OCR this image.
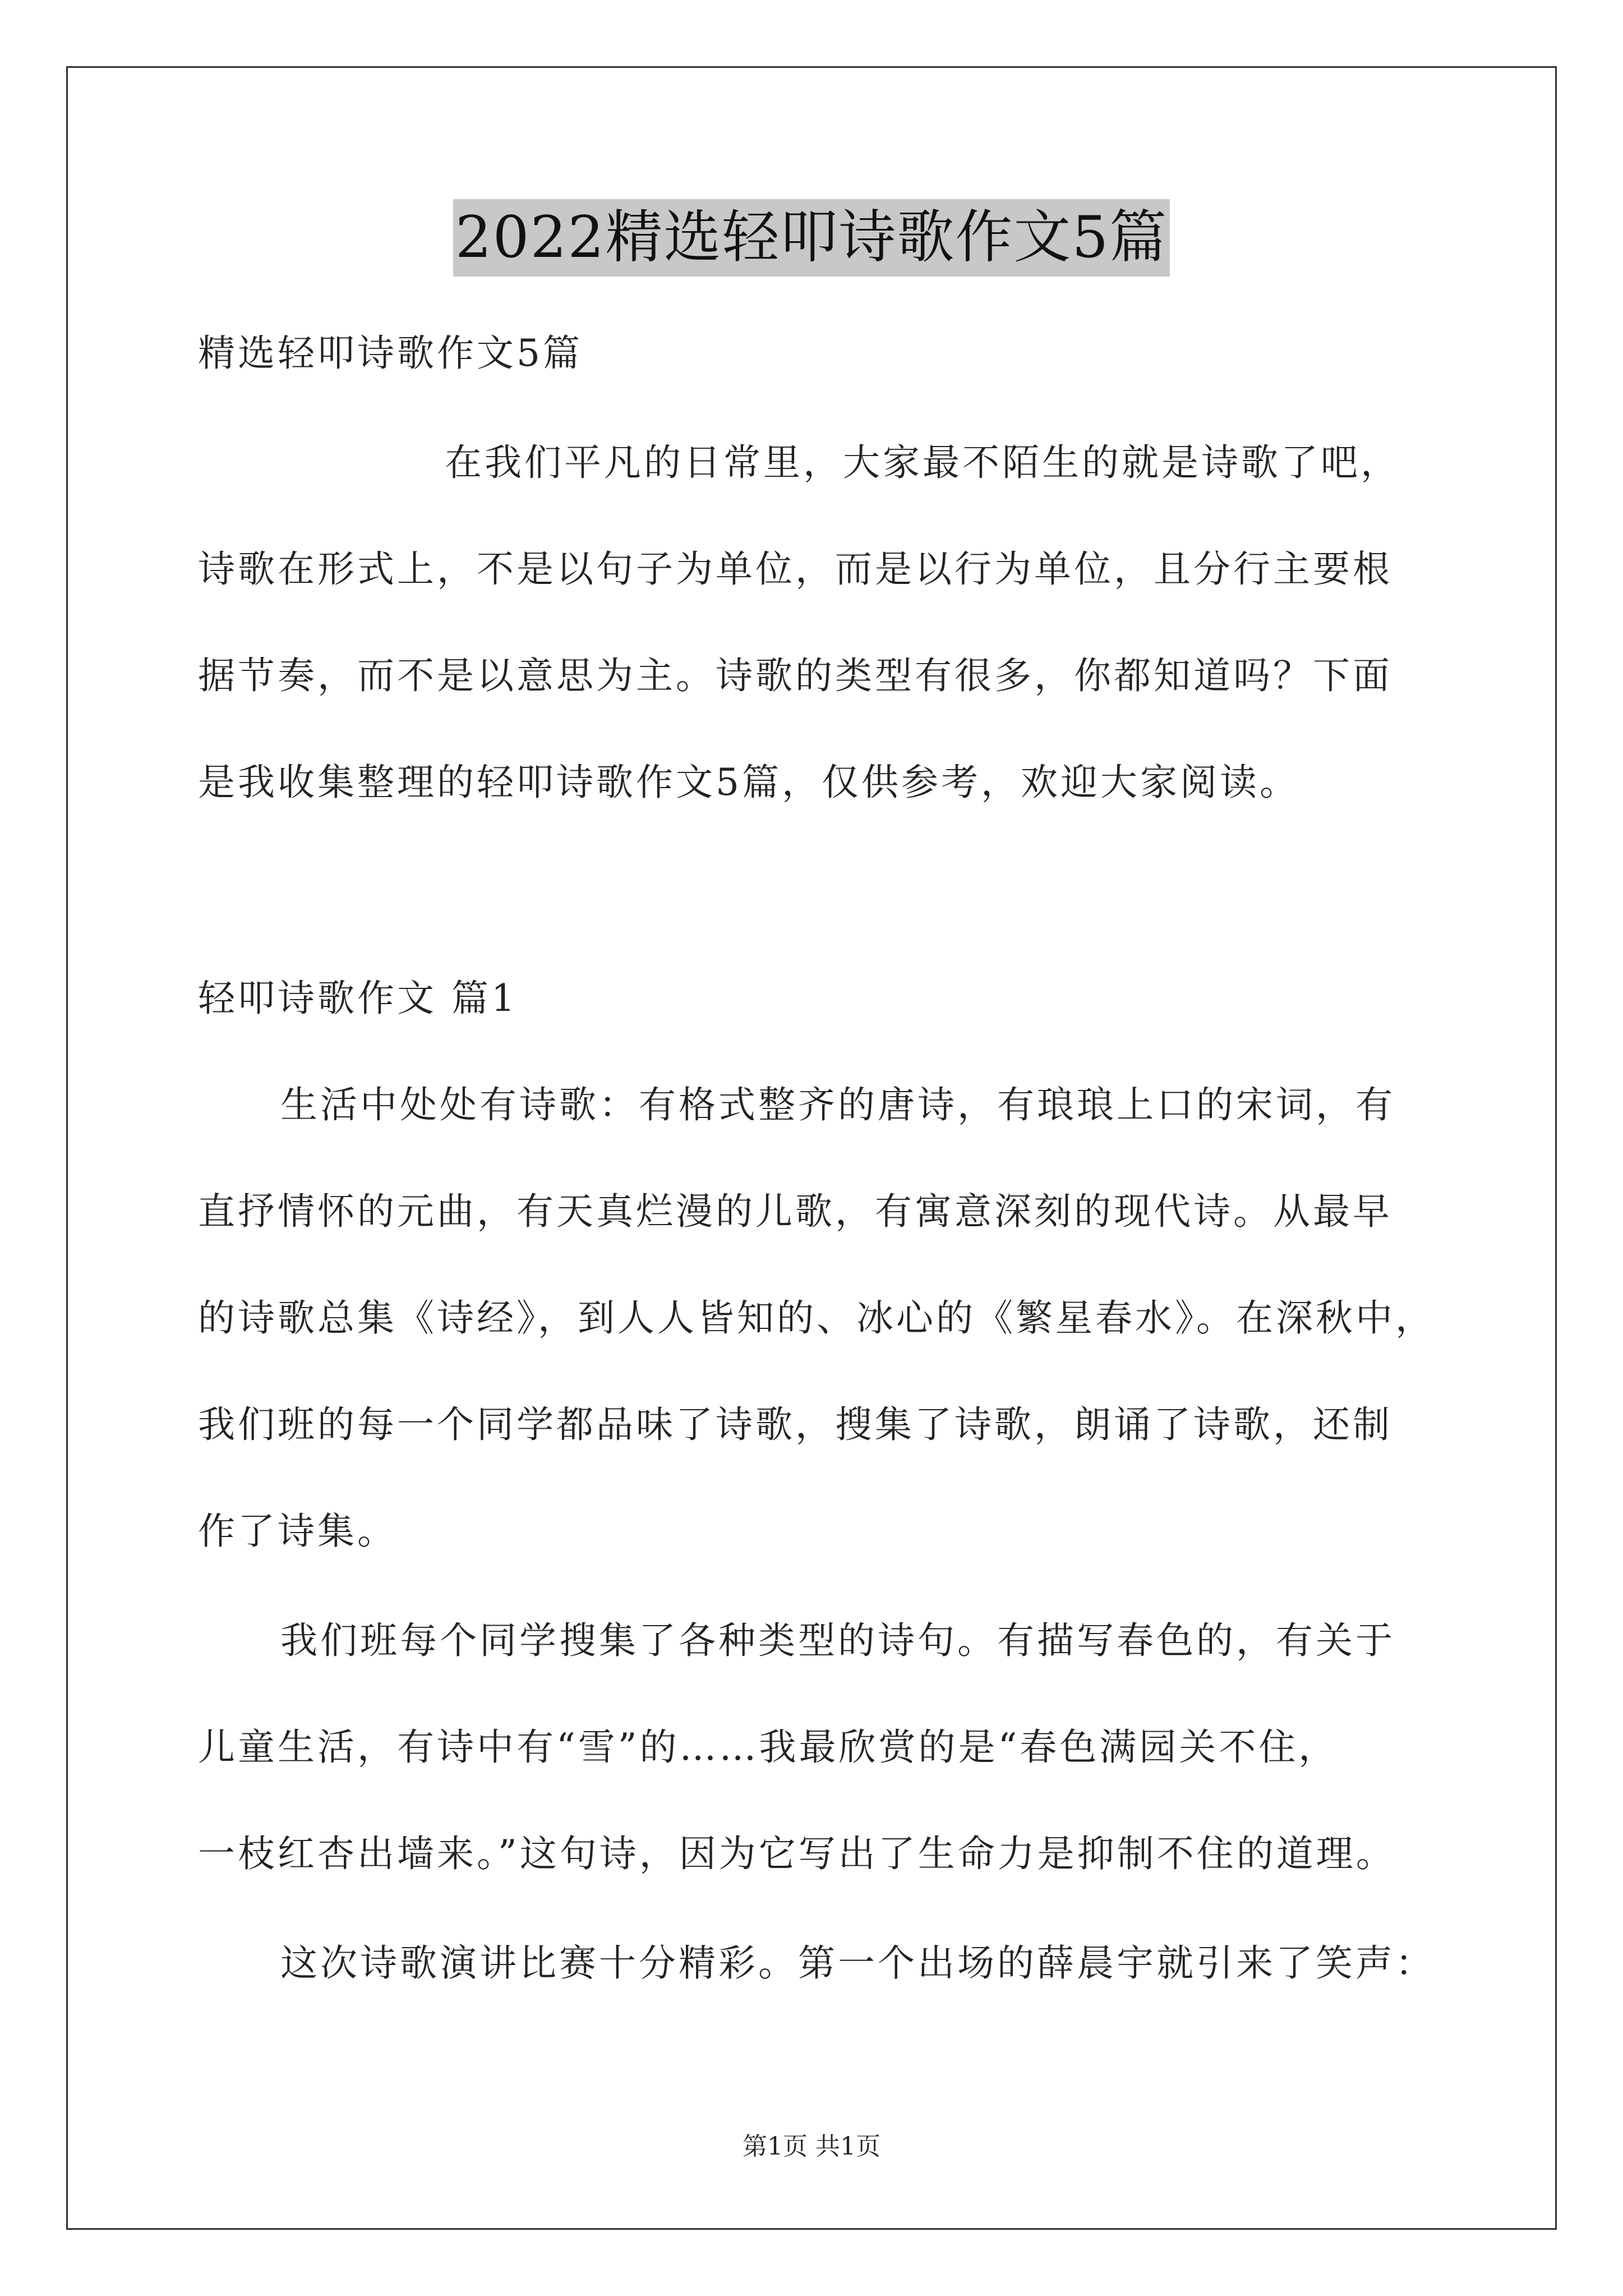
2022精选轻叩诗歌作文5篇
精选轻叩诗歌作文5篇
在我们平凡的日常里，大家最不陌生的就是诗歌了吧，
诗歌在形式上，不是以句子为单位，而是以行为单位，且分行主要根
据节奏，而不是以意思为主。诗歌的类型有很多，你都知道吗？下面
是我收集整理的轻叩诗歌作文5篇，仅供参考，欢迎大家阅读。
轻叩诗歌作文 篇1
生活中处处有诗歌：有格式整齐的唐诗，有琅琅上口的宋词，有
直抒情怀的元曲，有天真烂漫的儿歌，有寓意深刻的现代诗。从最早
的诗歌总集《诗经》，到人人皆知的、冰心的《繁星春水》。在深秋中，
我们班的每一个同学都品味了诗歌，搜集了诗歌，朗诵了诗歌，还制
作了诗集。
我们班每个同学搜集了各种类型的诗句。有描写春色的，有关于
儿童生活，有诗中有“雪”的……我最欣赏的是“春色满园关不住，
一枝红杏出墙来。”这句诗，因为它写出了生命力是抑制不住的道理。
这次诗歌演讲比赛十分精彩。第一个出场的薛晨宇就引来了笑声：
第1页 共1页
